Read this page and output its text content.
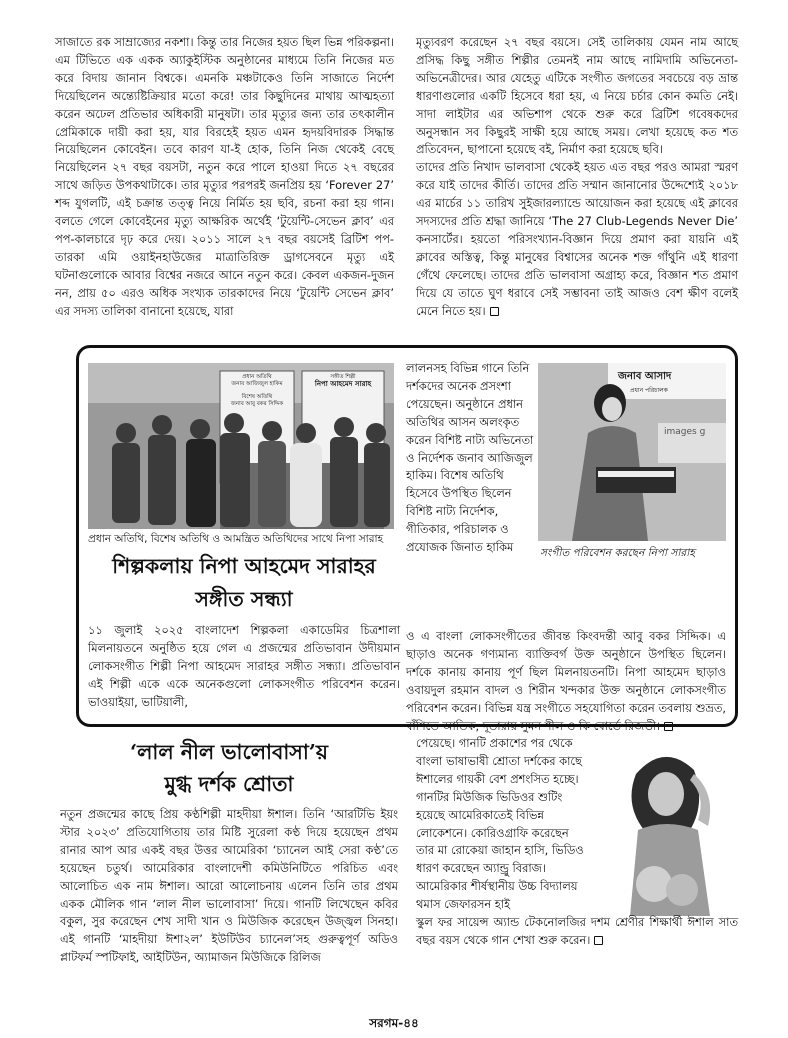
সাজাতে রক সাম্রাজ্যের নকশা। কিন্তু তার নিজের হয়ত ছিল ভিন্ন পরিকল্পনা। এম টিভিতে এক একক অ্যাকুইস্টিক অনুষ্ঠানের মাধ্যমে তিনি নিজের মত করে বিদায় জানান বিশ্বকে। এমনকি মঞ্চটাকেও তিনি সাজাতে নির্দেশ দিয়েছিলেন অন্ত্যেষ্টিক্রিয়ার মতো করে! তার কিছুদিনের মাথায় আত্মহত্যা করেন অঢেল প্রতিভার অধিকারী মানুষটা। তার মৃত্যুর জন্য তার তৎকালীন প্রেমিকাকে দায়ী করা হয়, যার বিরহেই হয়ত এমন হৃদয়বিদারক সিদ্ধান্ত নিয়েছিলেন কোবেইন। তবে কারণ যা-ই হোক, তিনি নিজ থেকেই বেছে নিয়েছিলেন ২৭ বছর বয়সটা, নতুন করে পালে হাওয়া দিতে ২৭ বছরের সাথে জড়িত উপকথাটাকে। তার মৃত্যুর পরপরই জনপ্রিয় হয় ‘Forever 27’ শব্দ যুগলটি, এই চক্রান্ত তত্ত্ব নিয়ে নির্মিত হয় ছবি, রচনা করা হয় গান। বলতে গেলে কোবেইনের মৃত্যু আক্ষরিক অর্থেই ‘টুয়েন্টি-সেভেন ক্লাব’ এর পপ-কালচারে দৃঢ় করে দেয়। ২০১১ সালে ২৭ বছর বয়সেই ব্রিটিশ পপ-তারকা এমি ওয়াইনহাউজের মাত্রাতিরিক্ত ড্রাগসেবনে মৃত্যু এই ঘটনাগুলোকে আবার বিশ্বের নজরে আনে নতুন করে। কেবল একজন-দুজন নন, প্রায় ৫০ এরও অধিক সংখ্যক তারকাদের নিয়ে ‘টুয়েন্টি সেভেন ক্লাব’ এর সদস্য তালিকা বানানো হয়েছে, যারা

মৃত্যুবরণ করেছেন ২৭ বছর বয়সে। সেই তালিকায় যেমন নাম আছে প্রসিদ্ধ কিছু সঙ্গীত শিল্পীর তেমনই নাম আছে নামিদামি অভিনেতা-অভিনেত্রীদের। আর যেহেতু এটিকে সংগীত জগতের সবচেয়ে বড় ভ্রান্ত ধারণাগুলোর একটি হিসেবে ধরা হয়, এ নিয়ে চর্চার কোন কমতি নেই। সাদা লাইটার এর অভিশাপ থেকে শুরু করে ব্রিটিশ গবেষকদের অনুসন্ধান সব কিছুরই সাক্ষী হয়ে আছে সময়। লেখা হয়েছে কত শত প্রতিবেদন, ছাপানো হয়েছে বই, নির্মাণ করা হয়েছে ছবি।

তাদের প্রতি নিখাদ ভালবাসা থেকেই হয়ত এত বছর পরও আমরা স্মরণ করে যাই তাদের কীর্তি। তাদের প্রতি সম্মান জানানোর উদ্দেশ্যেই ২০১৮ এর মার্চের ১১ তারিখ সুইজারল্যান্ডে আয়োজন করা হয়েছে এই ক্লাবের সদস্যদের প্রতি শ্রদ্ধা জানিয়ে ‘The 27 Club-Legends Never Die’ কনসার্টের। হয়তো পরিসংখ্যান-বিজ্ঞান দিয়ে প্রমাণ করা যায়নি এই ক্লাবের অস্তিত্ব, কিন্তু মানুষের বিশ্বাসের অনেক শক্ত গাঁথুনি এই ধারণা গেঁথে ফেলেছে। তাদের প্রতি ভালবাসা অগ্রাহ্য করে, বিজ্ঞান শত প্রমাণ দিয়ে যে তাতে ঘুণ ধরাবে সেই সম্ভাবনা তাই আজও বেশ ক্ষীণ বলেই মেনে নিতে হয়।

প্রধান অতিথি
জনাব আজিজুল হাকিম
বিশেষ অতিথি
জনাব আবু বকর সিদ্দিক
সঙ্গীত শিল্পী
নিপা আহমেদ সারাহ
প্রধান অতিথি, বিশেষ অতিথি ও আমন্ত্রিত অতিথিদের সাথে নিপা সারাহ

লালনসহ বিভিন্ন গানে তিনি দর্শকদের অনেক প্রসংশা পেয়েছেন। অনুষ্ঠানে প্রধান অতিথির আসন অলংকৃত করেন বিশিষ্ট নাট্য অভিনেতা ও নির্দেশক জনাব আজিজুল হাকিম। বিশেষ অতিথি হিসেবে উপস্থিত ছিলেন বিশিষ্ট নাট্য নির্দেশক, গীতিকার, পরিচালক ও প্রযোজক জিনাত হাকিম

জনাব আসাদ
প্রধান পরিচালক
images g
সংগীত পরিবেশন করছেন নিপা সারাহ
শিল্পকলায় নিপা আহমেদ সারাহর
সঙ্গীত সন্ধ্যা

১১ জুলাই ২০২৫ বাংলাদেশ শিল্পকলা একাডেমির চিত্রশালা মিলনায়তনে অনুষ্ঠিত হয়ে গেল এ প্রজন্মের প্রতিভাবান উদীয়মান লোকসংগীত শিল্পী নিপা আহমেদ সারাহর সঙ্গীত সন্ধ্যা। প্রতিভাবান এই শিল্পী একে একে অনেকগুলো লোকসংগীত পরিবেশন করেন। ভাওয়াইয়া, ভাটিয়ালী,

ও এ বাংলা লোকসংগীতের জীবন্ত কিংবদন্তী আবু বকর সিদ্দিক। এ ছাড়াও অনেক গণ্যমান্য ব্যাক্তিবর্গ উক্ত অনুষ্ঠানে উপস্থিত ছিলেন। দর্শকে কানায় কানায় পূর্ণ ছিল মিলনায়তনটি। নিপা আহমেদ ছাড়াও ওবায়দুল রহমান বাদল ও শিরীন খন্দকার উক্ত অনুষ্ঠানে লোকসংগীত পরিবেশন করেন। বিভিন্ন যন্ত্র সংগীতে সহযোগিতা করেন তবলায় শুভ্রত, বাঁশিতে আতিক, দূতারায় সুমন শীল ও কি বোর্ডে রিজভী।

‘লাল নীল ভালোবাসা’য়
মুগ্ধ দর্শক শ্রোতা

নতুন প্রজন্মের কাছে প্রিয় কণ্ঠশিল্পী মাহদীয়া ঈশাল। তিনি ‘আরটিভি ইয়ং স্টার ২০২৩’ প্রতিযোগিতায় তার মিষ্টি সুরেলা কণ্ঠ দিয়ে হয়েছেন প্রথম রানার আপ আর একই বছর উত্তর আমেরিকা ‘চ্যানেল আই সেরা কণ্ঠ’তে হয়েছেন চতুর্থ। আমেরিকার বাংলাদেশী কমিউনিটিতে পরিচিত এবং আলোচিত এক নাম ঈশাল। আরো আলোচনায় এলেন তিনি তার প্রথম একক মৌলিক গান ‘লাল নীল ভালোবাসা’ দিয়ে। গানটি লিখেছেন কবির বকুল, সুর করেছেন শেখ সাদী খান ও মিউজিক করেছেন উজ্জ্বল সিনহা। এই গানটি ‘মাহদীয়া ঈশা২ল’ ইউটিউব চ্যানেল’সহ গুরুত্বপূর্ণ অডিও প্লাটফর্ম স্পটিফাই, আইটিউন, অ্যামাজন মিউজিকে রিলিজ

পেয়েছে। গানটি প্রকাশের পর থেকে বাংলা ভাষাভাষী শ্রোতা দর্শকের কাছে ঈশালের গায়কী বেশ প্রশংসিত হচ্ছে। গানটির মিউজিক ভিডিওর শুটিং হয়েছে আমেরিকাতেই বিভিন্ন লোকেশনে। কোরিওগ্রাফি করেছেন তার মা রোকেয়া জাহান হাসি, ভিডিও ধারণ করেছেন অ্যান্ড্রু বিরাজ। আমেরিকার শীর্ষস্থানীয় উচ্চ বিদ্যালয় থমাস জেফারসন হাই

স্কুল ফর সায়েন্স অ্যান্ড টেকনোলজির দশম শ্রেণীর শিক্ষার্থী ঈশাল সাত বছর বয়স থেকে গান শেখা শুরু করেন।

সরগম-৪৪
